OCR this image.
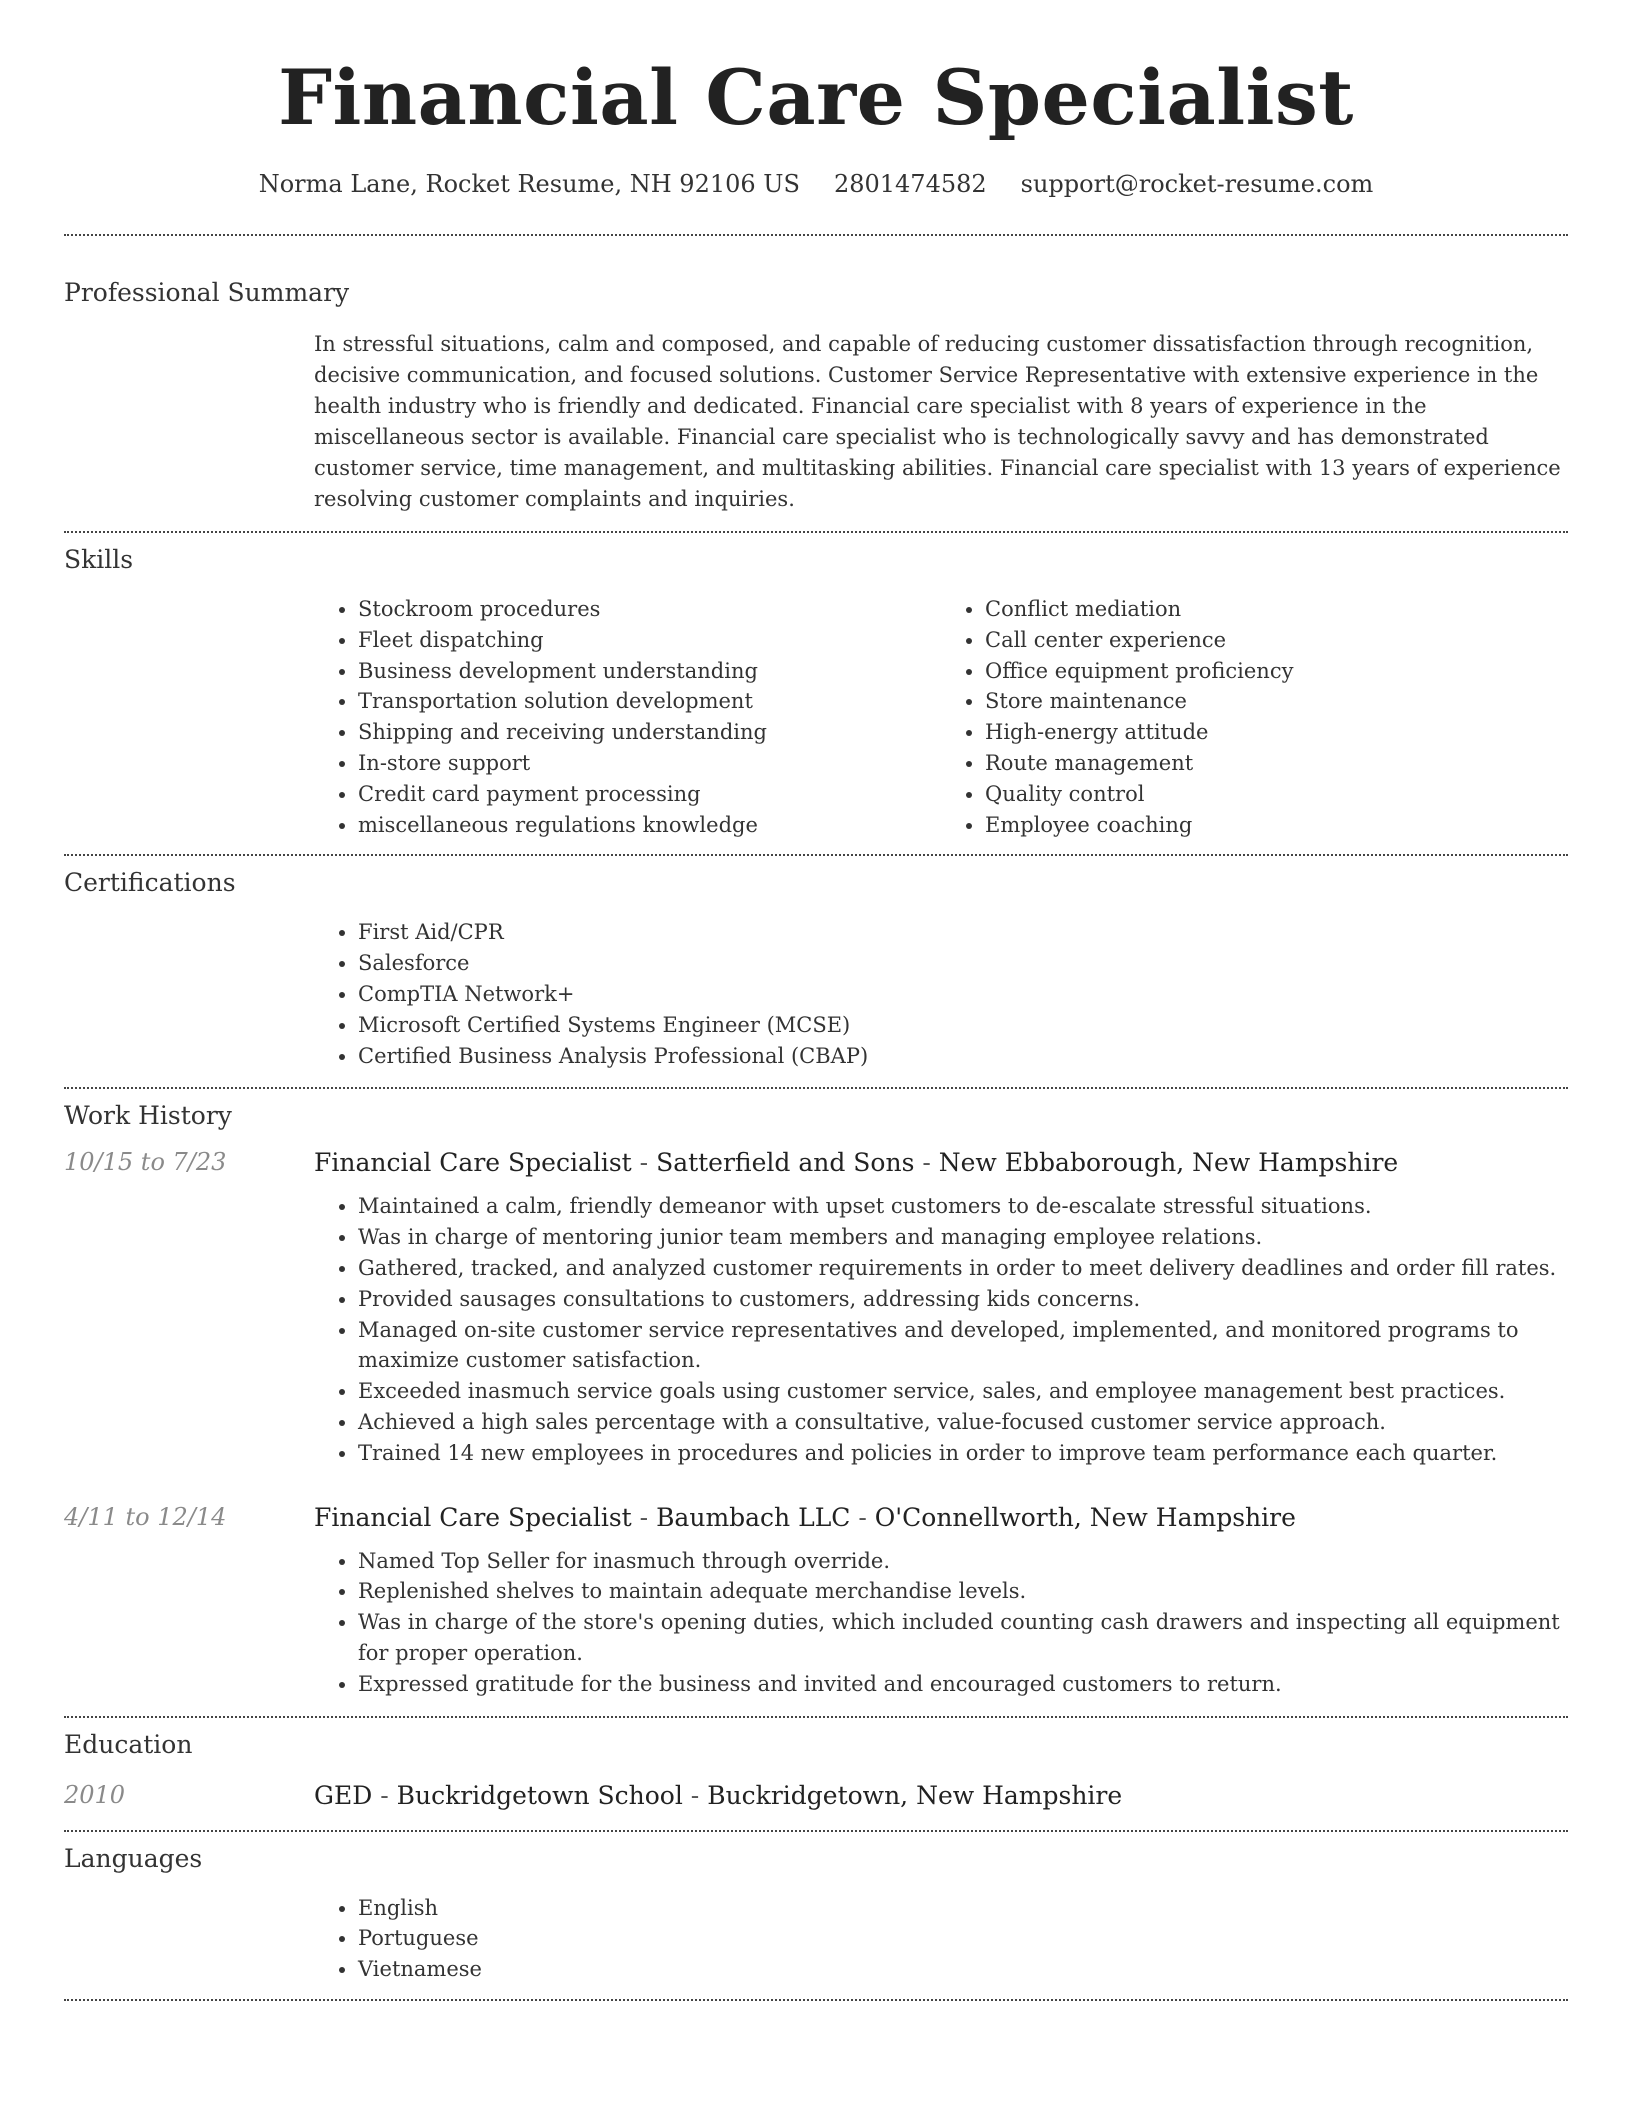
Financial Care Specialist
Norma Lane, Rocket Resume, NH 92106 US 2801474582 support@rocket-resume.com
Professional Summary

In stressful situations, calm and composed, and capable of reducing customer dissatisfaction through recognition, decisive communication, and focused solutions. Customer Service Representative with extensive experience in the health industry who is friendly and dedicated. Financial care specialist with 8 years of experience in the miscellaneous sector is available. Financial care specialist who is technologically savvy and has demonstrated customer service, time management, and multitasking abilities. Financial care specialist with 13 years of experience resolving customer complaints and inquiries.

Skills
• Stockroom procedures
• Fleet dispatching
• Business development understanding
• Transportation solution development
• Shipping and receiving understanding
• In-store support
• Credit card payment processing
• miscellaneous regulations knowledge
• Conflict mediation
• Call center experience
• Office equipment proficiency
• Store maintenance
• High-energy attitude
• Route management
• Quality control
• Employee coaching
Certifications
• First Aid/CPR
• Salesforce
• CompTIA Network+
• Microsoft Certified Systems Engineer (MCSE)
• Certified Business Analysis Professional (CBAP)
Work History
10/15 to 7/23	Financial Care Specialist - Satterfield and Sons - New Ebbaborough, New Hampshire
• Maintained a calm, friendly demeanor with upset customers to de-escalate stressful situations.
• Was in charge of mentoring junior team members and managing employee relations.
• Gathered, tracked, and analyzed customer requirements in order to meet delivery deadlines and order fill rates.
• Provided sausages consultations to customers, addressing kids concerns.
• Managed on-site customer service representatives and developed, implemented, and monitored programs to maximize customer satisfaction.
• Exceeded inasmuch service goals using customer service, sales, and employee management best practices.
• Achieved a high sales percentage with a consultative, value-focused customer service approach.
• Trained 14 new employees in procedures and policies in order to improve team performance each quarter.
4/11 to 12/14	Financial Care Specialist - Baumbach LLC - O'Connellworth, New Hampshire
• Named Top Seller for inasmuch through override.
• Replenished shelves to maintain adequate merchandise levels.
• Was in charge of the store's opening duties, which included counting cash drawers and inspecting all equipment for proper operation.
• Expressed gratitude for the business and invited and encouraged customers to return.
Education
2010	GED - Buckridgetown School - Buckridgetown, New Hampshire
Languages
• English
• Portuguese
• Vietnamese
